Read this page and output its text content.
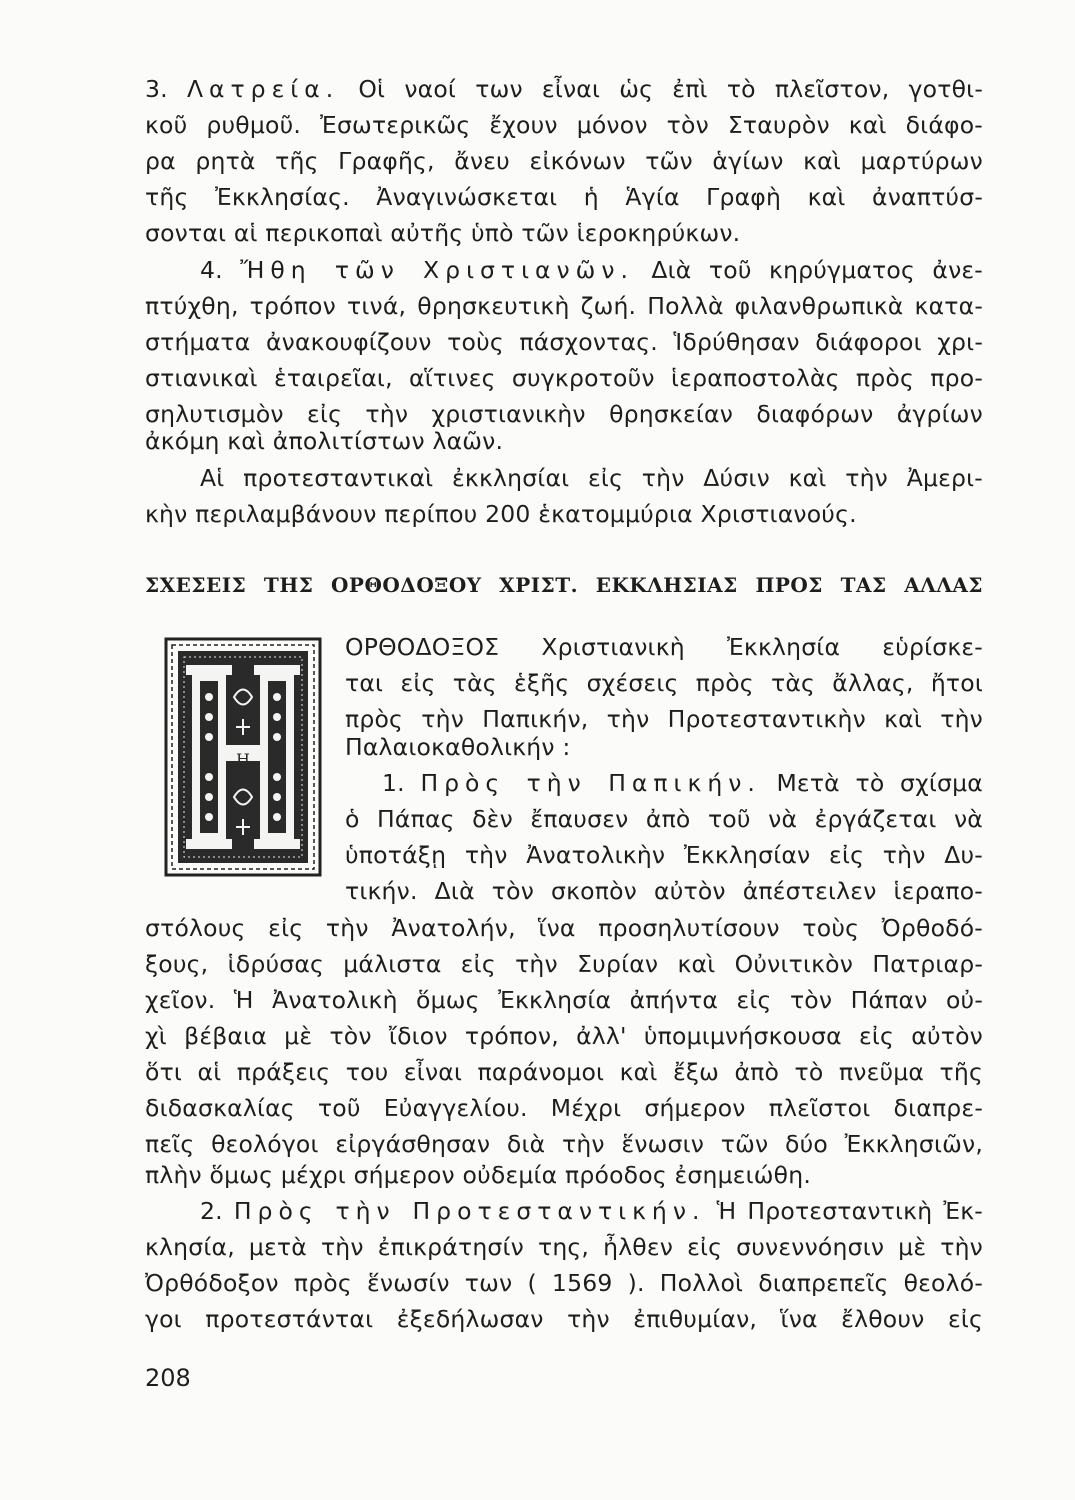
3. Λατρεία. Οἱ ναοί των εἶναι ὡς ἐπὶ τὸ πλεῖστον, γοτθι-
κοῦ ρυθμοῦ. Ἐσωτερικῶς ἔχουν μόνον τὸν Σταυρὸν καὶ διάφο-
ρα ρητὰ τῆς Γραφῆς, ἄνευ εἰκόνων τῶν ἁγίων καὶ μαρτύρων
τῆς Ἐκκλησίας. Ἀναγινώσκεται ἡ Ἁγία Γραφὴ καὶ ἀναπτύσ-
σονται αἱ περικοπαὶ αὐτῆς ὑπὸ τῶν ἱεροκηρύκων.
4. Ἤθη τῶν Χριστιανῶν. Διὰ τοῦ κηρύγματος ἀνε-
πτύχθη, τρόπον τινά, θρησκευτικὴ ζωή. Πολλὰ φιλανθρωπικὰ κατα-
στήματα ἀνακουφίζουν τοὺς πάσχοντας. Ἱδρύθησαν διάφοροι χρι-
στιανικαὶ ἑταιρεῖαι, αἵτινες συγκροτοῦν ἱεραποστολὰς πρὸς προ-
σηλυτισμὸν εἰς τὴν χριστιανικὴν θρησκείαν διαφόρων ἀγρίων
ἀκόμη καὶ ἀπολιτίστων λαῶν.
Αἱ προτεσταντικαὶ ἐκκλησίαι εἰς τὴν Δύσιν καὶ τὴν Ἀμερι-
κὴν περιλαμβάνουν περίπου 200 ἑκατομμύρια Χριστιανούς.
ΣΧΕΣΕΙΣ ΤΗΣ ΟΡΘΟΔΟΞΟΥ ΧΡΙΣΤ. ΕΚΚΛΗΣΙΑΣ ΠΡΟΣ ΤΑΣ ΑΛΛΑΣ
Η
ΟΡΘΟΔΟΞΟΣ Χριστιανικὴ Ἐκκλησία εὑρίσκε-
ται εἰς τὰς ἑξῆς σχέσεις πρὸς τὰς ἄλλας, ἤτοι
πρὸς τὴν Παπικήν, τὴν Προτεσταντικὴν καὶ τὴν
Παλαιοκαθολικήν :
1. Πρὸς τὴν Παπικήν. Μετὰ τὸ σχίσμα
ὁ Πάπας δὲν ἔπαυσεν ἀπὸ τοῦ νὰ ἐργάζεται νὰ
ὑποτάξῃ τὴν Ἀνατολικὴν Ἐκκλησίαν εἰς τὴν Δυ-
τικήν. Διὰ τὸν σκοπὸν αὐτὸν ἀπέστειλεν ἱεραπο-
στόλους εἰς τὴν Ἀνατολήν, ἵνα προσηλυτίσουν τοὺς Ὀρθοδό-
ξους, ἱδρύσας μάλιστα εἰς τὴν Συρίαν καὶ Οὐνιτικὸν Πατριαρ-
χεῖον. Ἡ Ἀνατολικὴ ὅμως Ἐκκλησία ἀπήντα εἰς τὸν Πάπαν οὐ-
χὶ βέβαια μὲ τὸν ἴδιον τρόπον, ἀλλ' ὑπομιμνήσκουσα εἰς αὐτὸν
ὅτι αἱ πράξεις του εἶναι παράνομοι καὶ ἔξω ἀπὸ τὸ πνεῦμα τῆς
διδασκαλίας τοῦ Εὐαγγελίου. Μέχρι σήμερον πλεῖστοι διαπρε-
πεῖς θεολόγοι εἰργάσθησαν διὰ τὴν ἕνωσιν τῶν δύο Ἐκκλησιῶν,
πλὴν ὅμως μέχρι σήμερον οὐδεμία πρόοδος ἐσημειώθη.
2. Πρὸς τὴν Προτεσταντικήν. Ἡ Προτεσταντικὴ Ἐκ-
κλησία, μετὰ τὴν ἐπικράτησίν της, ἦλθεν εἰς συνεννόησιν μὲ τὴν
Ὀρθόδοξον πρὸς ἕνωσίν των ( 1569 ). Πολλοὶ διαπρεπεῖς θεολό-
γοι προτεστάνται ἐξεδήλωσαν τὴν ἐπιθυμίαν, ἵνα ἔλθουν εἰς
208
